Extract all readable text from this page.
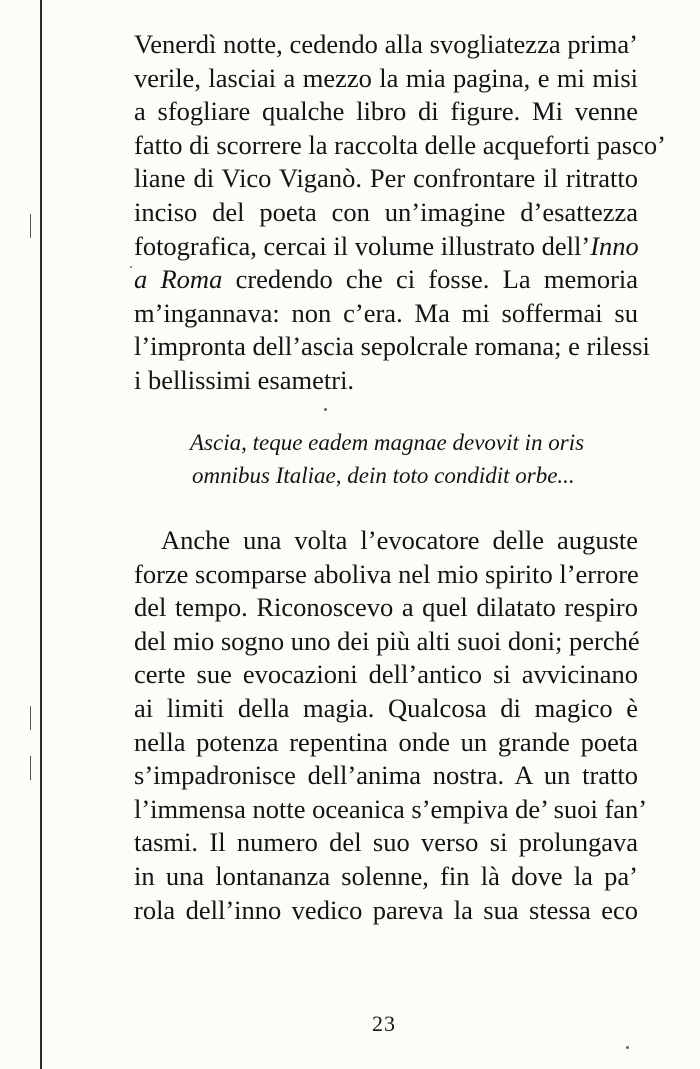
Venerdì notte, cedendo alla svogliatezza prima’
verile, lasciai a mezzo la mia pagina, e mi misi
a sfogliare qualche libro di figure. Mi venne
fatto di scorrere la raccolta delle acqueforti pasco’
liane di Vico Viganò. Per confrontare il ritratto
inciso del poeta con un’imagine d’esattezza
fotografica, cercai il volume illustrato dell’Inno
a Roma credendo che ci fosse. La memoria
m’ingannava: non c’era. Ma mi soffermai su
l’impronta dell’ascia sepolcrale romana; e rilessi
i bellissimi esametri.
Ascia, teque eadem magnae devovit in oris
omnibus Italiae, dein toto condidit orbe...
Anche una volta l’evocatore delle auguste
forze scomparse aboliva nel mio spirito l’errore
del tempo. Riconoscevo a quel dilatato respiro
del mio sogno uno dei più alti suoi doni; perché
certe sue evocazioni dell’antico si avvicinano
ai limiti della magia. Qualcosa di magico è
nella potenza repentina onde un grande poeta
s’impadronisce dell’anima nostra. A un tratto
l’immensa notte oceanica s’empiva de’ suoi fan’
tasmi. Il numero del suo verso si prolungava
in una lontananza solenne, fin là dove la pa’
rola dell’inno vedico pareva la sua stessa eco
23
